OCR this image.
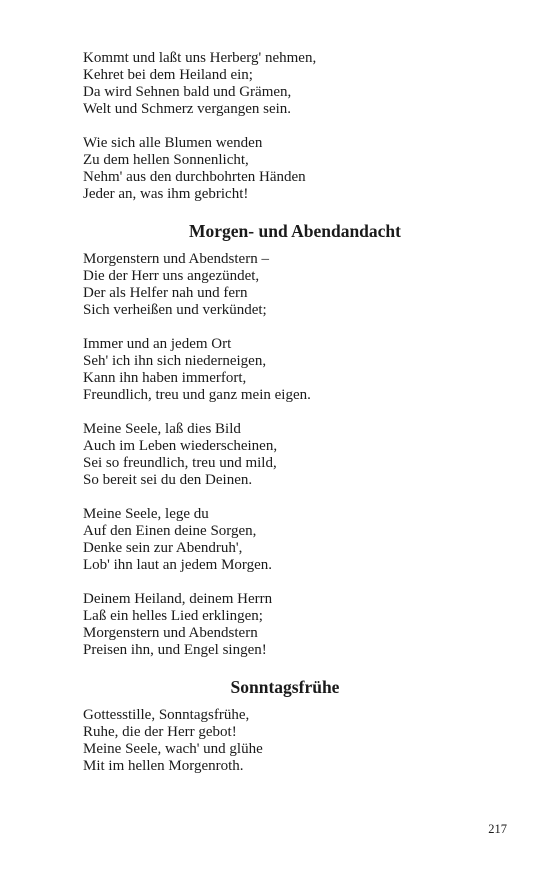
Kommt und laßt uns Herberg' nehmen,
Kehret bei dem Heiland ein;
Da wird Sehnen bald und Grämen,
Welt und Schmerz vergangen sein.
Wie sich alle Blumen wenden
Zu dem hellen Sonnenlicht,
Nehm' aus den durchbohrten Händen
Jeder an, was ihm gebricht!
Morgen- und Abendandacht
Morgenstern und Abendstern –
Die der Herr uns angezündet,
Der als Helfer nah und fern
Sich verheißen und verkündet;
Immer und an jedem Ort
Seh' ich ihn sich niederneigen,
Kann ihn haben immerfort,
Freundlich, treu und ganz mein eigen.
Meine Seele, laß dies Bild
Auch im Leben wiederscheinen,
Sei so freundlich, treu und mild,
So bereit sei du den Deinen.
Meine Seele, lege du
Auf den Einen deine Sorgen,
Denke sein zur Abendruh',
Lob' ihn laut an jedem Morgen.
Deinem Heiland, deinem Herrn
Laß ein helles Lied erklingen;
Morgenstern und Abendstern
Preisen ihn, und Engel singen!
Sonntagsfrühe
Gottesstille, Sonntagsfrühe,
Ruhe, die der Herr gebot!
Meine Seele, wach' und glühe
Mit im hellen Morgenroth.
217
